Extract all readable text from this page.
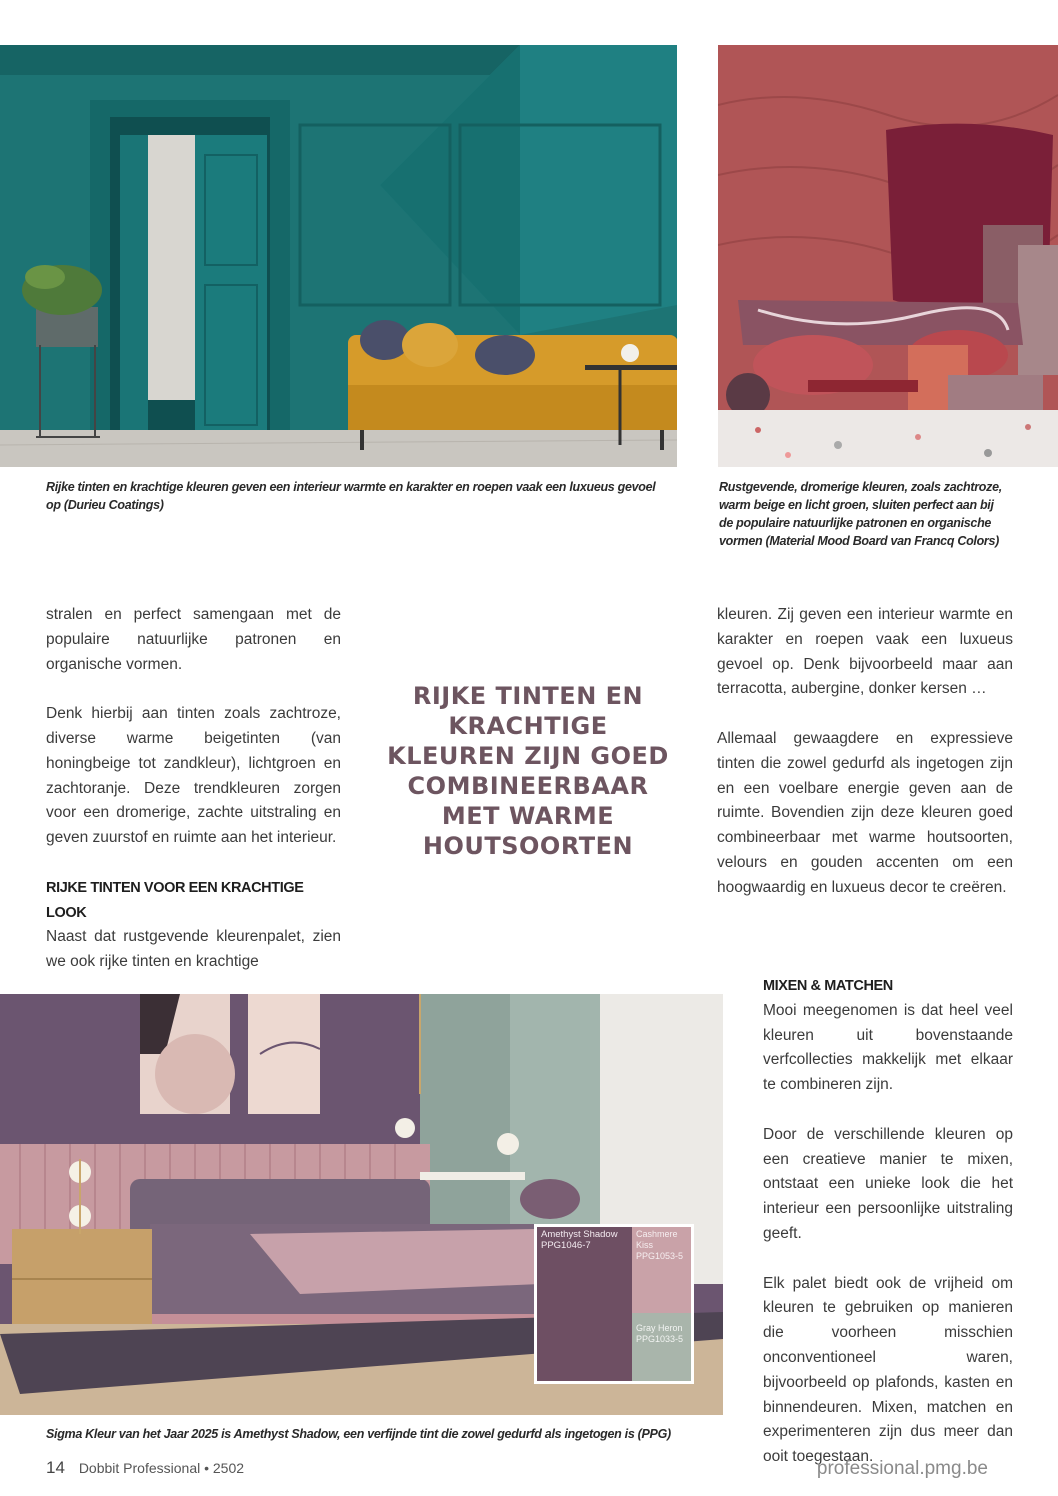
Rijke tinten en krachtige kleuren geven een interieur warmte en karakter en roepen vaak een luxueus gevoel op (Durieu Coatings)
Rustgevende, dromerige kleuren, zoals zachtroze, warm beige en licht groen, sluiten perfect aan bij de populaire natuurlijke patronen en organische vormen (Material Mood Board van Francq Colors)

stralen en perfect samengaan met de populaire natuurlijke patronen en organische vormen.

Denk hierbij aan tinten zoals zachtroze, diverse warme beigetinten (van honingbeige tot zandkleur), lichtgroen en zachtoranje. Deze trendkleuren zorgen voor een dromerige, zachte uitstraling en geven zuurstof en ruimte aan het interieur.

RIJKE TINTEN VOOR EEN KRACHTIGE LOOK

Naast dat rustgevende kleurenpalet, zien we ook rijke tinten en krachtige

RIJKE TINTEN EN KRACHTIGE KLEUREN ZIJN GOED COMBINEERBAAR MET WARME HOUTSOORTEN

kleuren. Zij geven een interieur warmte en karakter en roepen vaak een luxueus gevoel op. Denk bijvoorbeeld maar aan terracotta, aubergine, donker kersen …

Allemaal gewaagdere en expressieve tinten die zowel gedurfd als ingetogen zijn en een voelbare energie geven aan de ruimte. Bovendien zijn deze kleuren goed combineerbaar met warme houtsoorten, velours en gouden accenten om een hoogwaardig en luxueus decor te creëren.

Amethyst Shadow
PPG1046-7
Cashmere Kiss
PPG1053-5
Gray Heron
PPG1033-5
Sigma Kleur van het Jaar 2025 is Amethyst Shadow, een verfijnde tint die zowel gedurfd als ingetogen is (PPG)
MIXEN & MATCHEN

Mooi meegenomen is dat heel veel kleuren uit bovenstaande verfcollecties makkelijk met elkaar te combineren zijn.

Door de verschillende kleuren op een creatieve manier te mixen, ontstaat een unieke look die het interieur een persoonlijke uitstraling geeft.

Elk palet biedt ook de vrijheid om kleuren te gebruiken op manieren die voorheen misschien onconventioneel waren, bijvoorbeeld op plafonds, kasten en binnendeuren. Mixen, matchen en experimenteren zijn dus meer dan ooit toegestaan.

14 Dobbit Professional • 2502	professional.pmg.be
